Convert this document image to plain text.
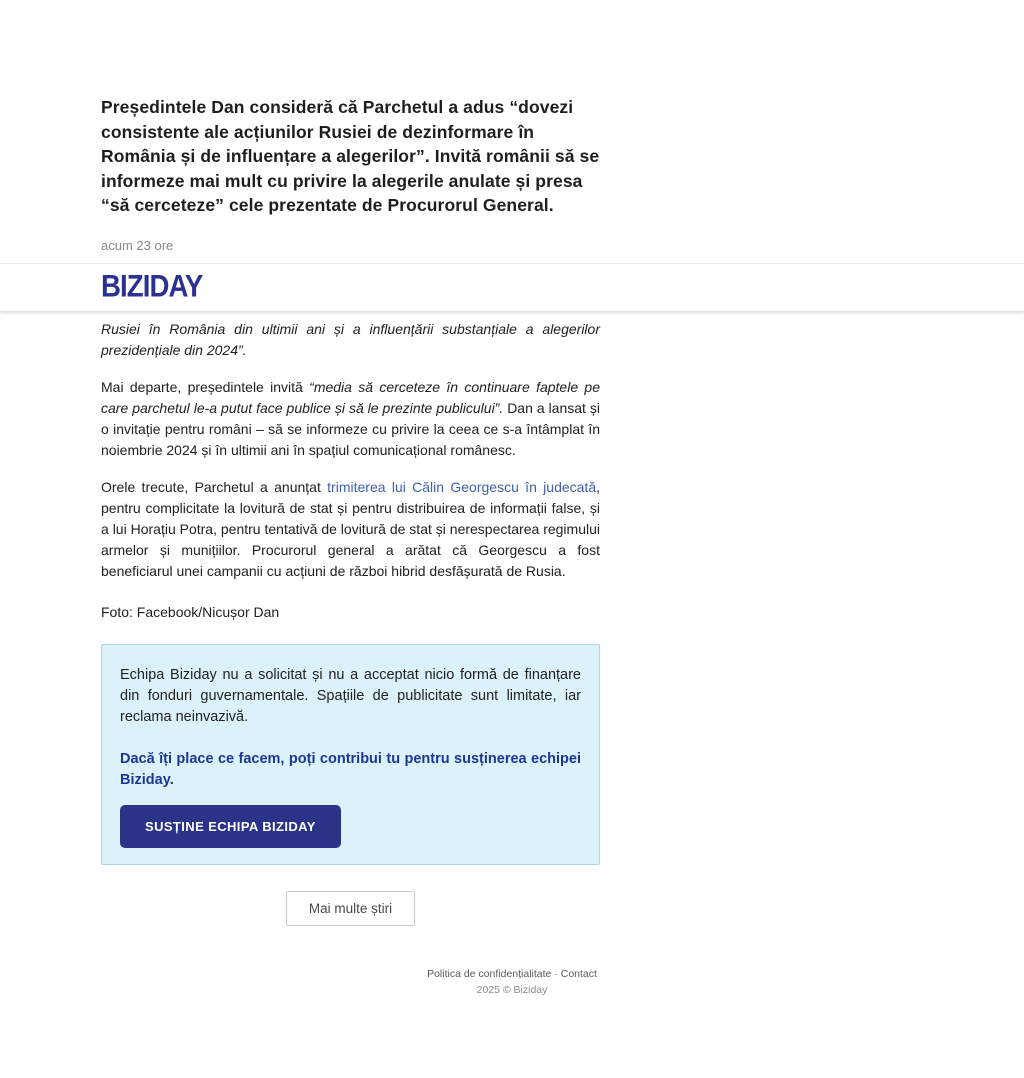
Președintele Dan consideră că Parchetul a adus “dovezi consistente ale acțiunilor Rusiei de dezinformare în România și de influențare a alegerilor”. Invită românii să se informeze mai mult cu privire la alegerile anulate și presa “să cerceteze” cele prezentate de Procurorul General.
acum 23 ore
BIZIDAY

Rusiei în România din ultimii ani și a influențării substanțiale a alegerilor prezidențiale din 2024”.

Mai departe, președintele invită “media să cerceteze în continuare faptele pe care parchetul le-a putut face publice și să le prezinte publicului”. Dan a lansat și o invitație pentru români – să se informeze cu privire la ceea ce s-a întâmplat în noiembrie 2024 și în ultimii ani în spațiul comunicațional românesc.

Orele trecute, Parchetul a anunțat trimiterea lui Călin Georgescu în judecată, pentru complicitate la lovitură de stat și pentru distribuirea de informații false, și a lui Horațiu Potra, pentru tentativă de lovitură de stat și nerespectarea regimului armelor și munițiilor. Procurorul general a arătat că Georgescu a fost beneficiarul unei campanii cu acțiuni de război hibrid desfășurată de Rusia.

Foto: Facebook/Nicușor Dan

Echipa Biziday nu a solicitat și nu a acceptat nicio formă de finanțare din fonduri guvernamentale. Spațiile de publicitate sunt limitate, iar reclama neinvazivă.

Dacă îți place ce facem, poți contribui tu pentru susținerea echipei Biziday.

SUSȚINE ECHIPA BIZIDAY
Mai multe știri
Politica de confidențialitate · Contact
2025 © Biziday
